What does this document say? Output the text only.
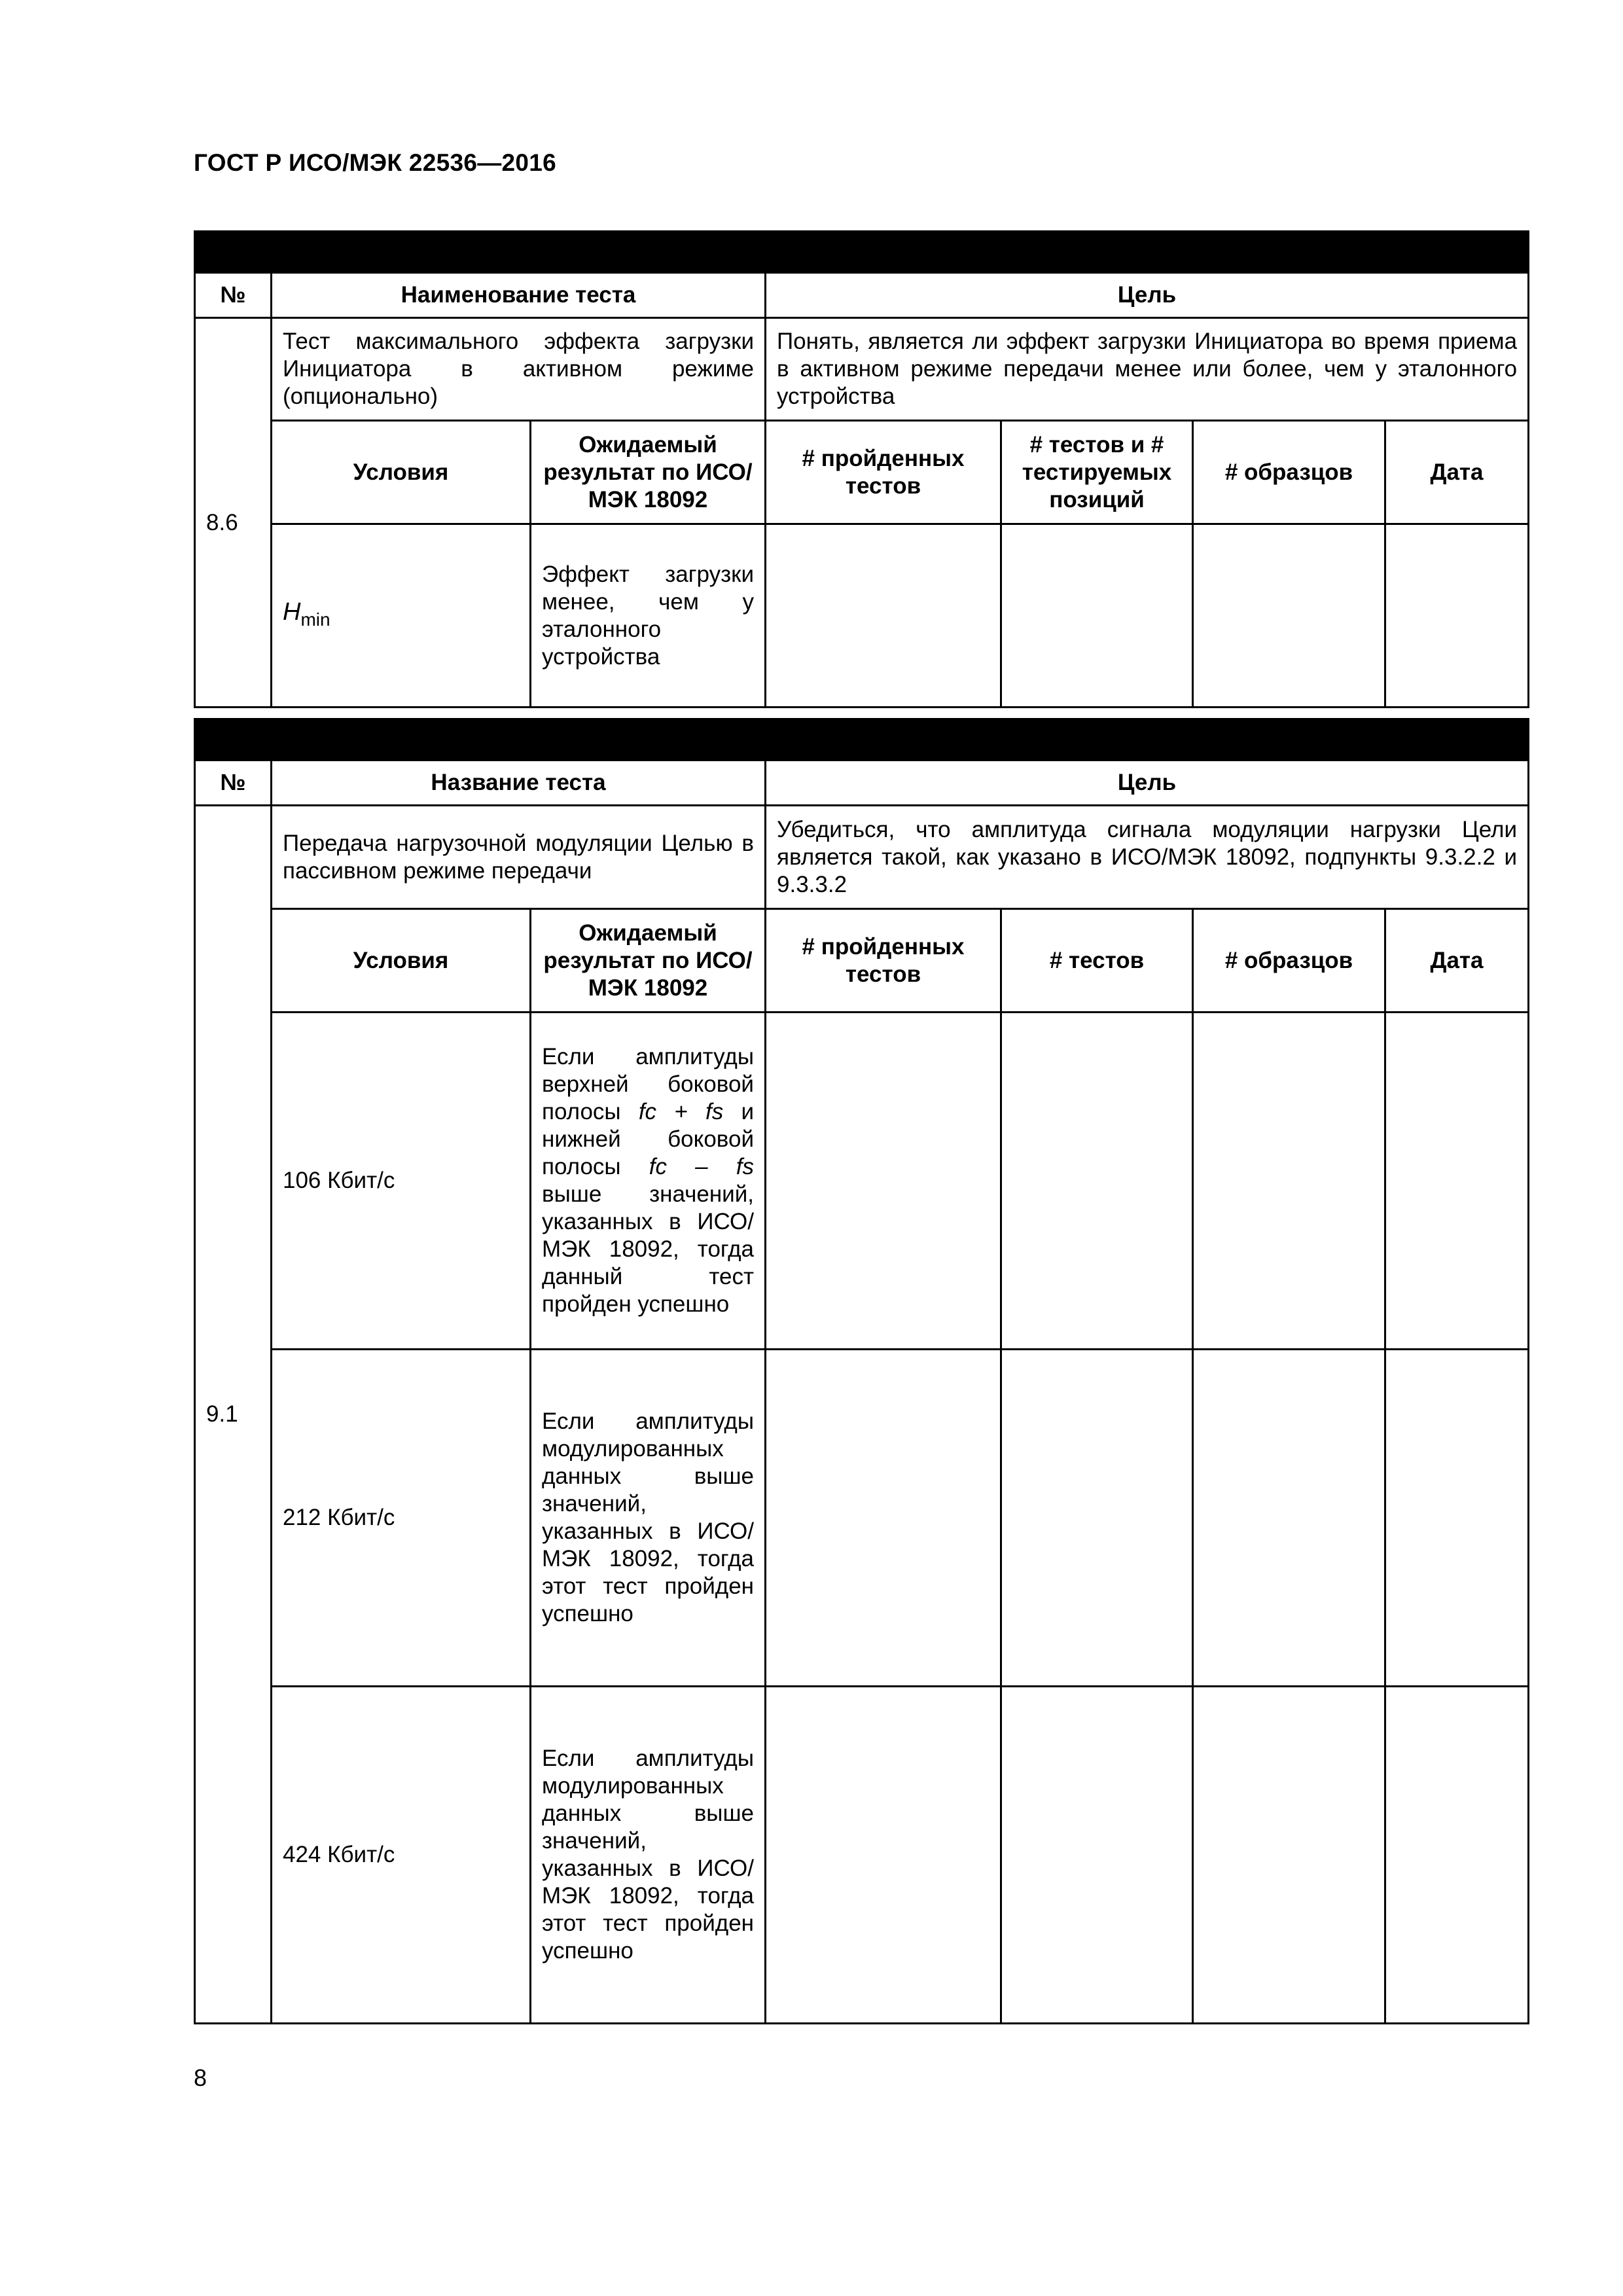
ГОСТ Р ИСО/МЭК 22536—2016

№	Наименование теста		Цель			
8.6	Тест максимального эффекта загрузки Инициатора в активном режиме (опционально)		Понять, является ли эффект загрузки Инициатора во время приема в активном режиме передачи менее или более, чем у эталонного устройства			
	Условия	Ожидаемый результат по ИСО/МЭК 18092	# пройденных тестов	# тестов и # тестируемых позиций	# образцов	Дата
	$H_{min}$	Эффект загрузки менее, чем у эталонного устройства				

№	Название теста		Цель			
9.1	Передача нагрузочной модуляции Целью в пассивном режиме передачи		Убедиться, что амплитуда сигнала модуляции нагрузки Цели является такой, как указано в ИСО/МЭК 18092, подпункты 9.3.2.2 и 9.3.3.2			
	Условия	Ожидаемый результат по ИСО/МЭК 18092	# пройденных тестов	# тестов	# образцов	Дата
	106 Кбит/с	Если амплитуды верхней боковой полосы fc + fs и нижней боковой полосы fc – fs выше значений, указанных в ИСО/МЭК 18092, тогда данный тест пройден успешно				
	212 Кбит/с	Если амплитуды модулированных данных выше значений, указанных в ИСО/МЭК 18092, тогда этот тест пройден успешно				
	424 Кбит/с	Если амплитуды модулированных данных выше значений, указанных в ИСО/МЭК 18092, тогда этот тест пройден успешно				
8
